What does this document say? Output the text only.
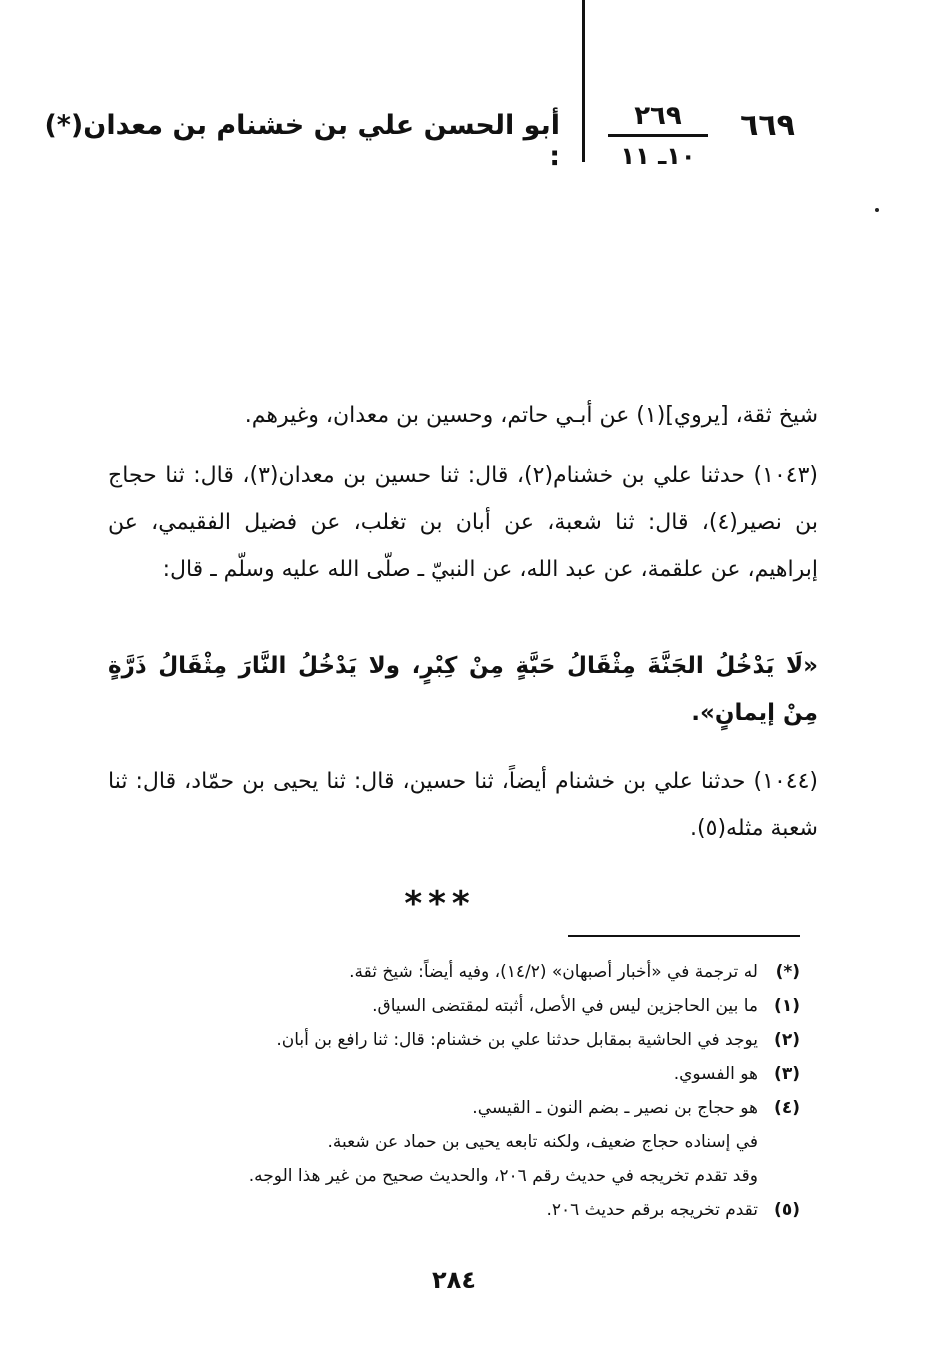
٦٦٩
٢٦٩
١٠ـ ١١
أبو الحسن علي بن خشنام بن معدان(*) :
شيخ ثقة، [يروي](١) عن أبـي حاتم، وحسين بن معدان، وغيرهم.
(١٠٤٣) حدثنا علي بن خشنام(٢)، قال: ثنا حسين بن معدان(٣)، قال: ثنا حجاج بن نصير(٤)، قال: ثنا شعبة، عن أبان بن تغلب، عن فضيل الفقيمي، عن إبراهيم، عن علقمة، عن عبد الله، عن النبيّ ـ صلّى الله عليه وسلّم ـ قال:
«لَا يَدْخُلُ الجَنَّةَ مِثْقَالُ حَبَّةٍ مِنْ كِبْرٍ، ولا يَدْخُلُ النَّارَ مِثْقَالُ ذَرَّةٍ مِنْ إيمانٍ».
(١٠٤٤) حدثنا علي بن خشنام أيضاً، ثنا حسين، قال: ثنا يحيى بن حمّاد، قال: ثنا شعبة مثله(٥).
***
(*)
له ترجمة في «أخبار أصبهان» (١٤/٢)، وفيه أيضاً: شيخ ثقة.
(١)
ما بين الحاجزين ليس في الأصل، أثبته لمقتضى السياق.
(٢)
يوجد في الحاشية بمقابل حدثنا علي بن خشنام: قال: ثنا رافع بن أبان.
(٣)
هو الفسوي.
(٤)
هو حجاج بن نصير ـ بضم النون ـ القيسي.
في إسناده حجاج ضعيف، ولكنه تابعه يحيى بن حماد عن شعبة.
وقد تقدم تخريجه في حديث رقم ٢٠٦، والحديث صحيح من غير هذا الوجه.
(٥)
تقدم تخريجه برقم حديث ٢٠٦.
٢٨٤
